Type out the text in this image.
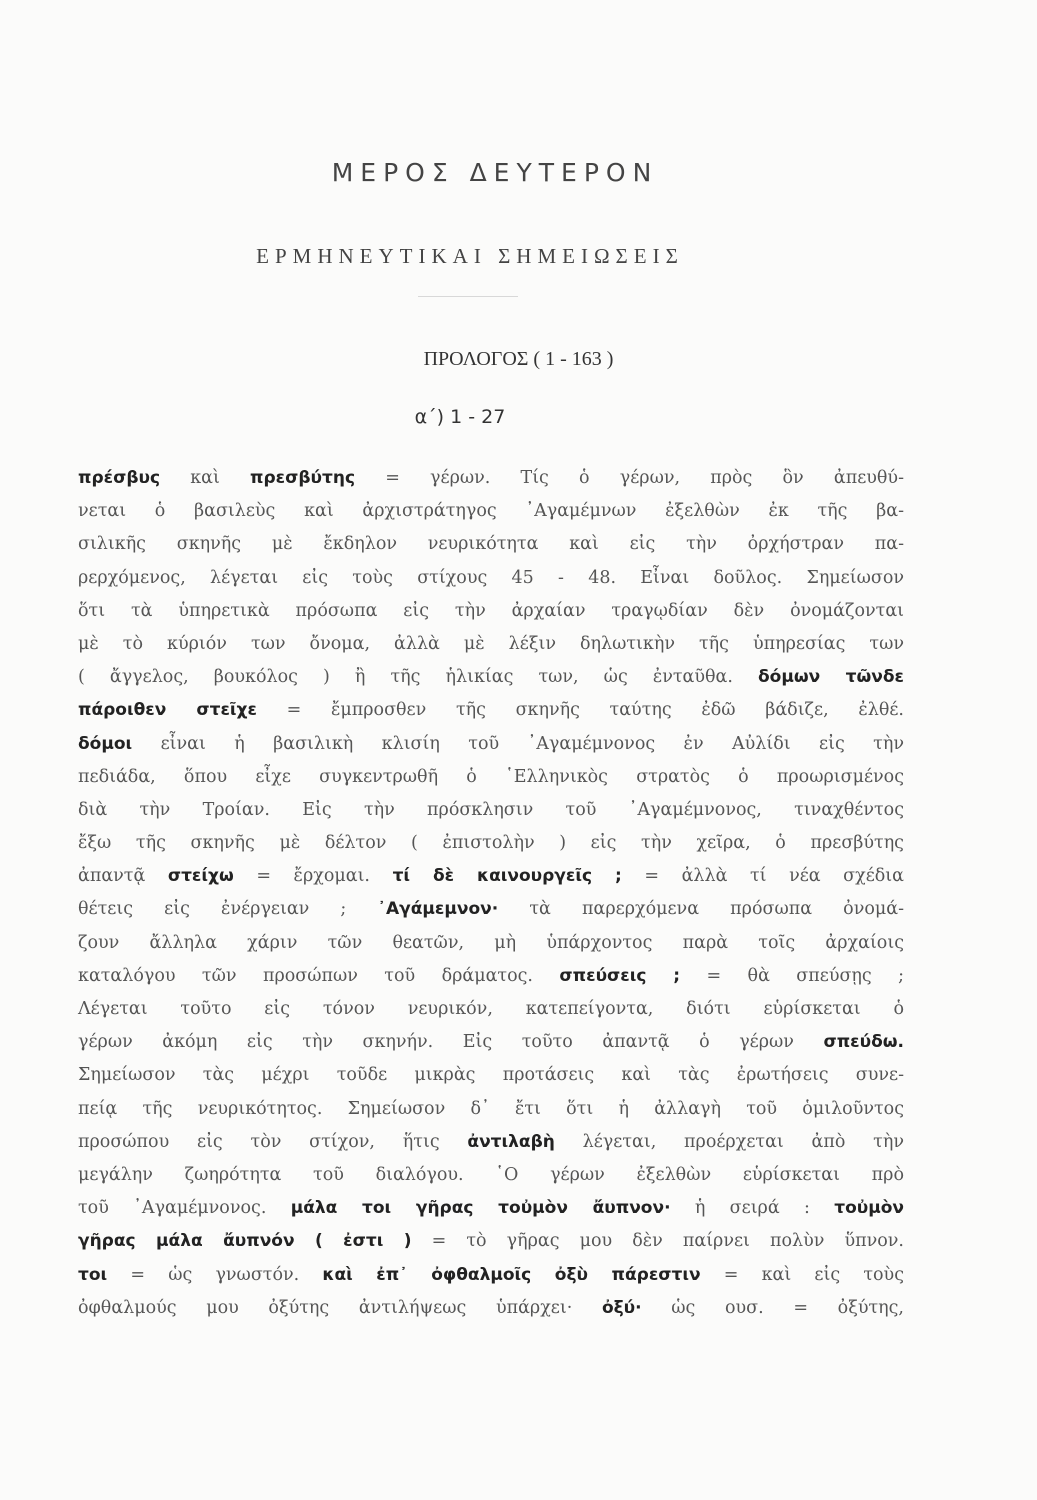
ΜΕΡΟΣ ΔΕΥΤΕΡΟΝ
ΕΡΜΗΝΕΥΤΙΚΑΙ ΣΗΜΕΙΩΣΕΙΣ
ΠΡΟΛΟΓΟΣ ( 1 - 163 )
α΄) 1 - 27
πρέσβυς καὶ πρεσβύτης = γέρων. Τίς ὁ γέρων, πρὸς ὃν ἀπευθύ-
νεται ὁ βασιλεὺς καὶ ἀρχιστράτηγος ᾿Αγαμέμνων ἐξελθὼν ἐκ τῆς βα-
σιλικῆς σκηνῆς μὲ ἔκδηλον νευρικότητα καὶ εἰς τὴν ὀρχήστραν πα-
ρερχόμενος, λέγεται εἰς τοὺς στίχους 45 - 48. Εἶναι δοῦλος. Σημείωσον
ὅτι τὰ ὑπηρετικὰ πρόσωπα εἰς τὴν ἀρχαίαν τραγῳδίαν δὲν ὀνομάζονται
μὲ τὸ κύριόν των ὄνομα, ἀλλὰ μὲ λέξιν δηλωτικὴν τῆς ὑπηρεσίας των
( ἄγγελος, βουκόλος ) ἢ τῆς ἡλικίας των, ὡς ἐνταῦθα. δόμων τῶνδε
πάροιθεν στεῖχε = ἔμπροσθεν τῆς σκηνῆς ταύτης ἐδῶ βάδιζε, ἐλθέ.
δόμοι εἶναι ἡ βασιλικὴ κλισίη τοῦ ᾿Αγαμέμνονος ἐν Αὐλίδι εἰς τὴν
πεδιάδα, ὅπου εἶχε συγκεντρωθῆ ὁ ῾Ελληνικὸς στρατὸς ὁ προωρισμένος
διὰ τὴν Τροίαν. Εἰς τὴν πρόσκλησιν τοῦ ᾿Αγαμέμνονος, τιναχθέντος
ἔξω τῆς σκηνῆς μὲ δέλτον ( ἐπιστολὴν ) εἰς τὴν χεῖρα, ὁ πρεσβύτης
ἀπαντᾷ στείχω = ἔρχομαι. τί δὲ καινουργεῖς ; = ἀλλὰ τί νέα σχέδια
θέτεις εἰς ἐνέργειαν ; ᾿Αγάμεμνον· τὰ παρερχόμενα πρόσωπα ὀνομά-
ζουν ἄλληλα χάριν τῶν θεατῶν, μὴ ὑπάρχοντος παρὰ τοῖς ἀρχαίοις
καταλόγου τῶν προσώπων τοῦ δράματος. σπεύσεις ; = θὰ σπεύσῃς ;
Λέγεται τοῦτο εἰς τόνον νευρικόν, κατεπείγοντα, διότι εὑρίσκεται ὁ
γέρων ἀκόμη εἰς τὴν σκηνήν. Εἰς τοῦτο ἀπαντᾷ ὁ γέρων σπεύδω.
Σημείωσον τὰς μέχρι τοῦδε μικρὰς προτάσεις καὶ τὰς ἐρωτήσεις συνε-
πείᾳ τῆς νευρικότητος. Σημείωσον δ᾿ ἔτι ὅτι ἡ ἀλλαγὴ τοῦ ὁμιλοῦντος
προσώπου εἰς τὸν στίχον, ἥτις ἀντιλαβὴ λέγεται, προέρχεται ἀπὸ τὴν
μεγάλην ζωηρότητα τοῦ διαλόγου. ῾Ο γέρων ἐξελθὼν εὑρίσκεται πρὸ
τοῦ ᾿Αγαμέμνονος. μάλα τοι γῆρας τοὐμὸν ἄυπνον· ἡ σειρά : τοὐμὸν
γῆρας μάλα ἄυπνόν ( ἐστι ) = τὸ γῆρας μου δὲν παίρνει πολὺν ὕπνον.
τοι = ὡς γνωστόν. καὶ ἐπ᾿ ὀφθαλμοῖς ὀξὺ πάρεστιν = καὶ εἰς τοὺς
ὀφθαλμούς μου ὀξύτης ἀντιλήψεως ὑπάρχει· ὀξύ· ὡς ουσ. = ὀξύτης,
